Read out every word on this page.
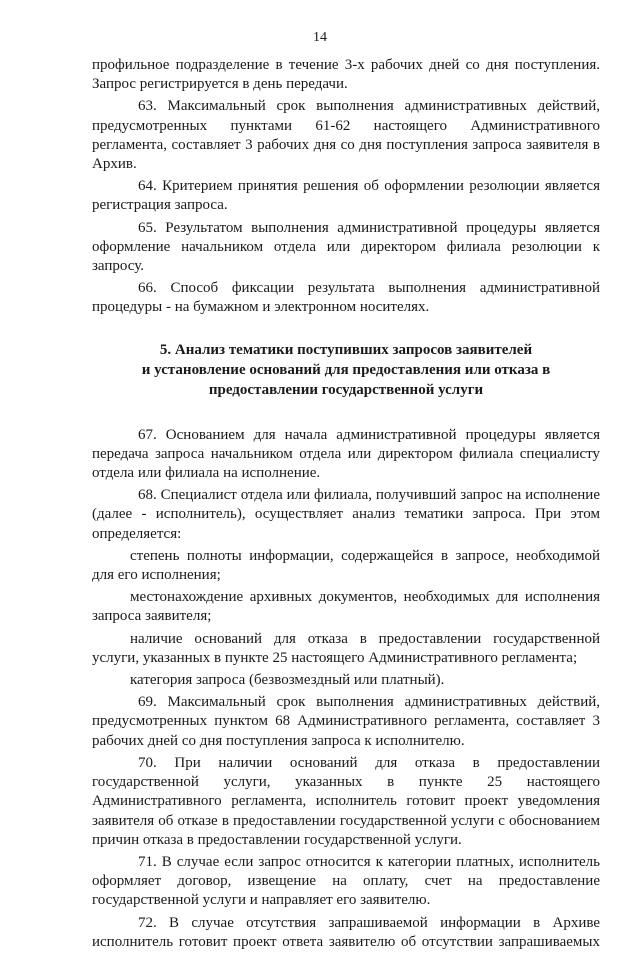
14

профильное подразделение в течение 3-х рабочих дней со дня поступления. Запрос регистрируется в день передачи.

63. Максимальный срок выполнения административных действий, предусмотренных пунктами 61-62 настоящего Административного регламента, составляет 3 рабочих дня со дня поступления запроса заявителя в Архив.

64. Критерием принятия решения об оформлении резолюции является регистрация запроса.

65. Результатом выполнения административной процедуры является оформление начальником отдела или директором филиала резолюции к запросу.

66. Способ фиксации результата выполнения административной процедуры - на бумажном и электронном носителях.

5. Анализ тематики поступивших запросов заявителей
и установление оснований для предоставления или отказа в
предоставлении государственной услуги

67. Основанием для начала административной процедуры является передача запроса начальником отдела или директором филиала специалисту отдела или филиала на исполнение.

68. Специалист отдела или филиала, получивший запрос на исполнение (далее - исполнитель), осуществляет анализ тематики запроса. При этом определяется:

степень полноты информации, содержащейся в запросе, необходимой для его исполнения;

местонахождение архивных документов, необходимых для исполнения запроса заявителя;

наличие оснований для отказа в предоставлении государственной услуги, указанных в пункте 25 настоящего Административного регламента;

категория запроса (безвозмездный или платный).

69. Максимальный срок выполнения административных действий, предусмотренных пунктом 68 Административного регламента, составляет 3 рабочих дней со дня поступления запроса к исполнителю.

70. При наличии оснований для отказа в предоставлении государственной услуги, указанных в пункте 25 настоящего Административного регламента, исполнитель готовит проект уведомления заявителя об отказе в предоставлении государственной услуги с обоснованием причин отказа в предоставлении государственной услуги.

71. В случае если запрос относится к категории платных, исполнитель оформляет договор, извещение на оплату, счет на предоставление государственной услуги и направляет его заявителю.

72. В случае отсутствия запрашиваемой информации в Архиве исполнитель готовит проект ответа заявителю об отсутствии запрашиваемых
